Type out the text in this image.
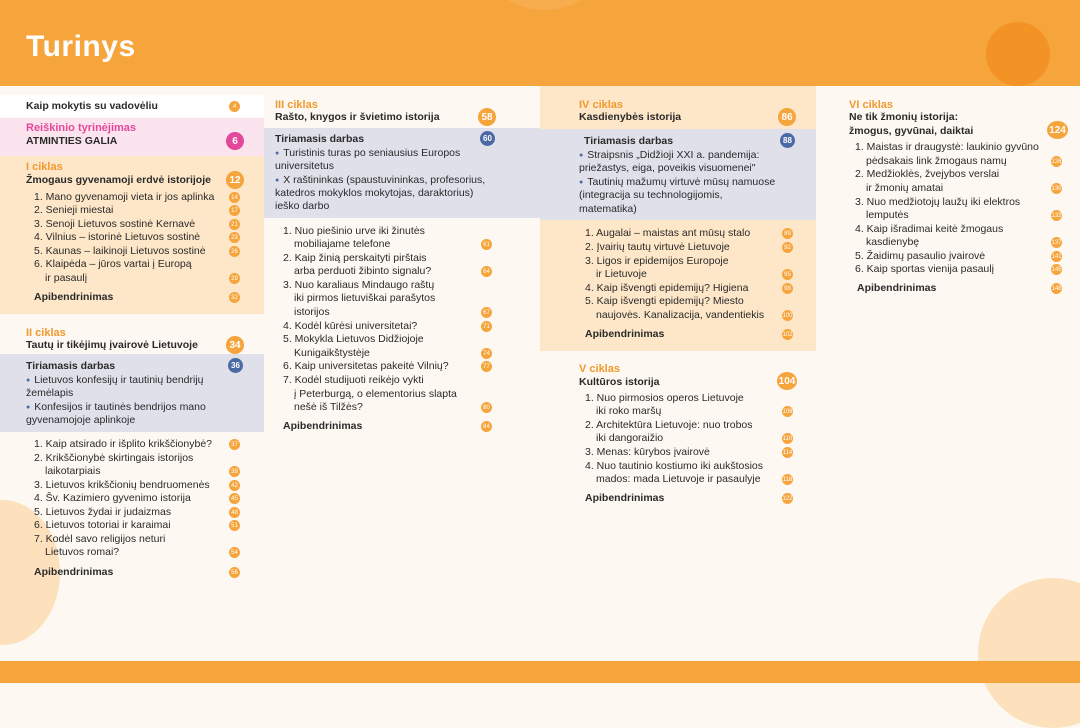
Turinys
Kaip mokytis su vadovėliu	4
Reiškinio tyrinėjimas
ATMINTIES GALIA	6
I ciklas
Žmogaus gyvenamoji erdvė istorijoje	12
1. Mano gyvenamoji vieta ir jos aplinka	14
2. Senieji miestai	17
3. Senoji Lietuvos sostinė Kernavė	21
4. Vilnius – istorinė Lietuvos sostinė	23
5. Kaunas – laikinoji Lietuvos sostinė	26
6. Klaipėda – jūros vartai į Europą
ir pasaulį	29
Apibendrinimas	32
II ciklas
Tautų ir tikėjimų įvairovė Lietuvoje	34
Tiriamasis darbas	36
● Lietuvos konfesijų ir tautinių bendrijų
žemėlapis
● Konfesijos ir tautinės bendrijos mano
gyvenamojoje aplinkoje
1. Kaip atsirado ir išplito krikščionybė?	37
2. Krikščionybė skirtingais istorijos
laikotarpiais	39
3. Lietuvos krikščionių bendruomenės	42
4. Šv. Kazimiero gyvenimo istorija	45
5. Lietuvos žydai ir judaizmas	48
6. Lietuvos totoriai ir karaimai	51
7. Kodėl savo religijos neturi
Lietuvos romai?	54
Apibendrinimas	56
III ciklas
Rašto, knygos ir švietimo istorija	58
Tiriamasis darbas	60
● Turistinis turas po seniausius Europos
universitetus
● X raštininkas (spaustuvininkas, profesorius,
katedros mokyklos mokytojas, daraktorius)
ieško darbo
1. Nuo piešinio urve iki žinutės
mobiliajame telefone	61
2. Kaip žinią perskaityti pirštais
arba perduoti žibinto signalu?	64
3. Nuo karaliaus Mindaugo raštų
iki pirmos lietuviškai parašytos
istorijos	67
4. Kodėl kūrėsi universitetai?	71
5. Mokykla Lietuvos Didžiojoje
Kunigaikštystėje	74
6. Kaip universitetas pakeitė Vilnių?	77
7. Kodėl studijuoti reikėjo vykti
į Peterburgą, o elementorius slapta
nešė iš Tilžės?	80
Apibendrinimas	84
IV ciklas
Kasdienybės istorija	86
Tiriamasis darbas	88
● Straipsnis „Didžioji XXI a. pandemija:
priežastys, eiga, poveikis visuomenei"
● Tautinių mažumų virtuvė mūsų namuose
(integracija su technologijomis,
matematika)
1. Augalai – maistas ant mūsų stalo	89
2. Įvairių tautų virtuvė Lietuvoje	92
3. Ligos ir epidemijos Europoje
ir Lietuvoje	95
4. Kaip išvengti epidemijų? Higiena	98
5. Kaip išvengti epidemijų? Miesto
naujovės. Kanalizacija, vandentiekis	100
Apibendrinimas	102
V ciklas
Kultūros istorija	104
1. Nuo pirmosios operos Lietuvoje
iki roko maršų	106
2. Architektūra Lietuvoje: nuo trobos
iki dangoraižio	110
3. Menas: kūrybos įvairovė	114
4. Nuo tautinio kostiumo iki aukštosios
mados: mada Lietuvoje ir pasaulyje	118
Apibendrinimas	122
VI ciklas
Ne tik žmonių istorija:
žmogus, gyvūnai, daiktai	124
1. Maistas ir draugystė: laukinio gyvūno
pėdsakais link žmogaus namų	126
2. Medžioklės, žvejybos verslai
ir žmonių amatai	130
3. Nuo medžiotojų laužų iki elektros
lemputės	133
4. Kaip išradimai keitė žmogaus
kasdienybę	137
5. Žaidimų pasaulio įvairovė	141
6. Kaip sportas vienija pasaulį	145
Apibendrinimas	148
